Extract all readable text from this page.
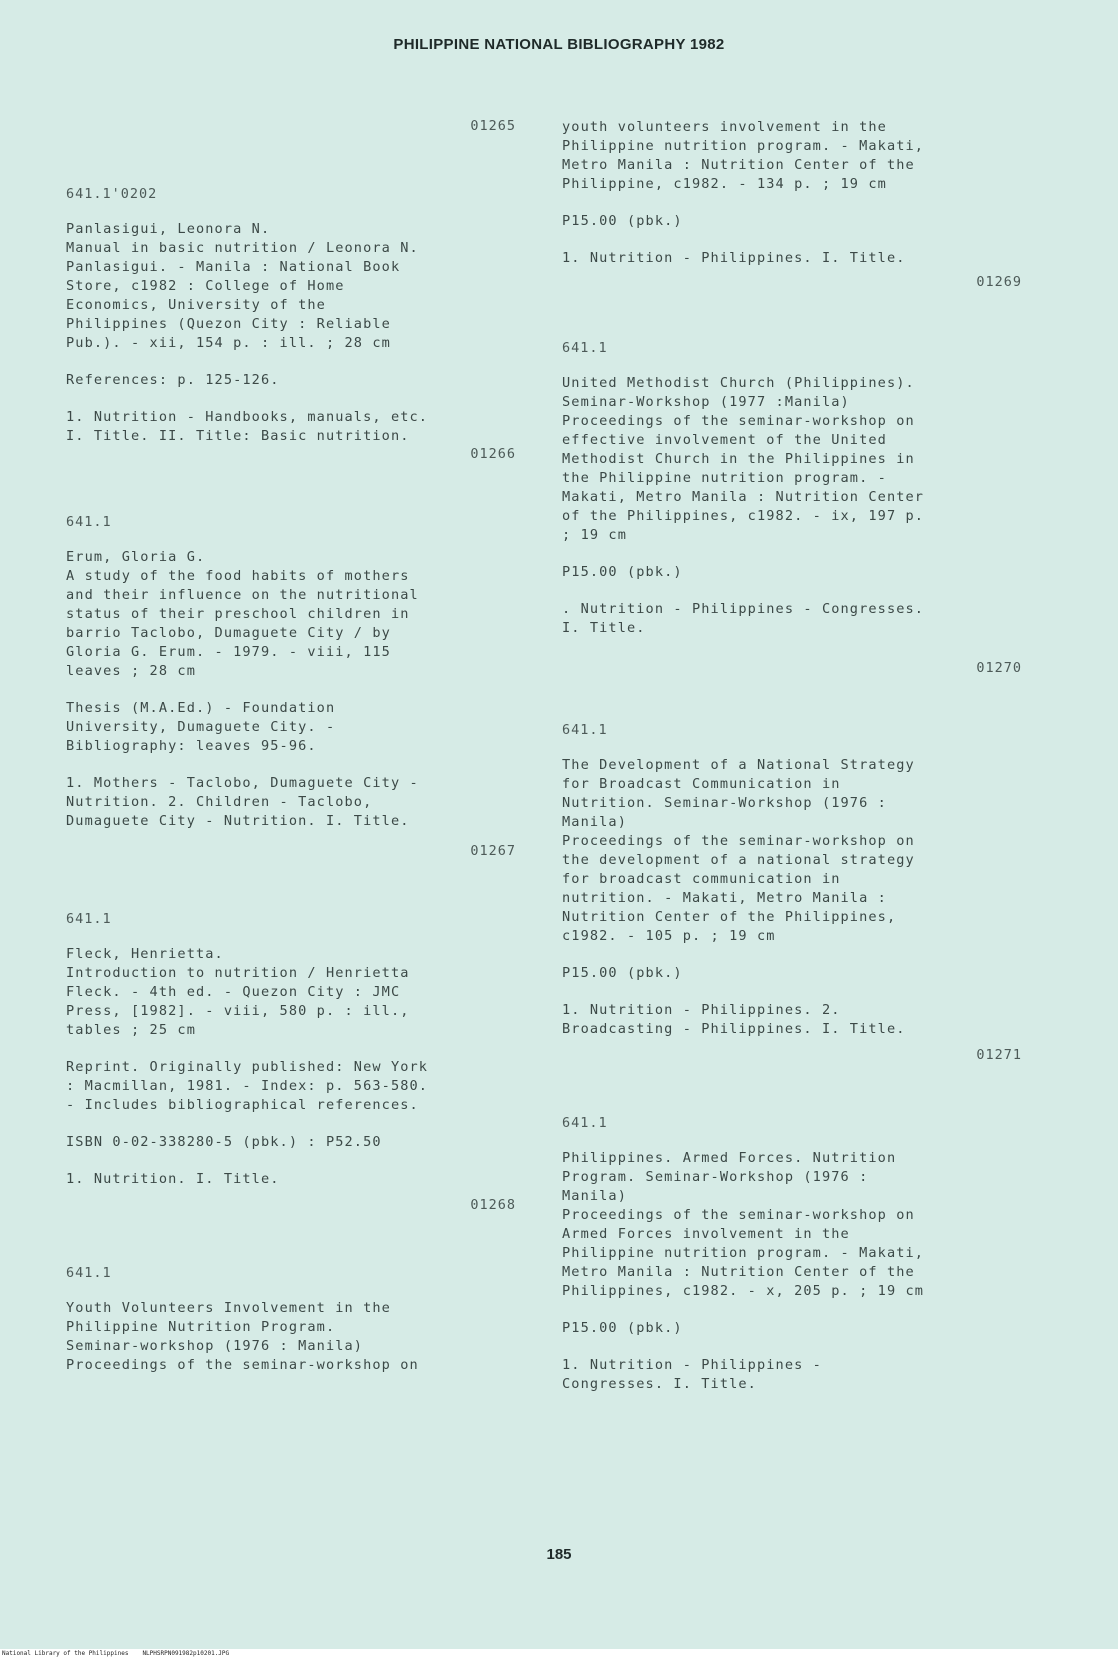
PHILIPPINE NATIONAL BIBLIOGRAPHY 1982
01265
641.1'0202

Panlasigui, Leonora N.

Manual in basic nutrition / Leonora N.

Panlasigui. - Manila : National Book

Store, c1982 : College of Home

Economics, University of the

Philippines (Quezon City : Reliable

Pub.). - xii, 154 p. : ill. ; 28 cm

References: p. 125-126.

1. Nutrition - Handbooks, manuals, etc.

I. Title. II. Title: Basic nutrition.

01266
641.1

Erum, Gloria G.

A study of the food habits of mothers

and their influence on the nutritional

status of their preschool children in

barrio Taclobo, Dumaguete City / by

Gloria G. Erum. - 1979. - viii, 115

leaves ; 28 cm

Thesis (M.A.Ed.) - Foundation

University, Dumaguete City. -

Bibliography: leaves 95-96.

1. Mothers - Taclobo, Dumaguete City -

Nutrition. 2. Children - Taclobo,

Dumaguete City - Nutrition. I. Title.

01267
641.1

Fleck, Henrietta.

Introduction to nutrition / Henrietta

Fleck. - 4th ed. - Quezon City : JMC

Press, [1982]. - viii, 580 p. : ill.,

tables ; 25 cm

Reprint. Originally published: New York

: Macmillan, 1981. - Index: p. 563-580.

- Includes bibliographical references.

ISBN 0-02-338280-5 (pbk.) : P52.50

1. Nutrition. I. Title.

01268
641.1

Youth Volunteers Involvement in the

Philippine Nutrition Program.

Seminar-workshop (1976 : Manila)

Proceedings of the seminar-workshop on

youth volunteers involvement in the

Philippine nutrition program. - Makati,

Metro Manila : Nutrition Center of the

Philippine, c1982. - 134 p. ; 19 cm

P15.00 (pbk.)

1. Nutrition - Philippines. I. Title.

01269
641.1

United Methodist Church (Philippines).

Seminar-Workshop (1977 :Manila)

Proceedings of the seminar-workshop on

effective involvement of the United

Methodist Church in the Philippines in

the Philippine nutrition program. -

Makati, Metro Manila : Nutrition Center

of the Philippines, c1982. - ix, 197 p.

; 19 cm

P15.00 (pbk.)

. Nutrition - Philippines - Congresses.

I. Title.

01270
641.1

The Development of a National Strategy

for Broadcast Communication in

Nutrition. Seminar-Workshop (1976 :

Manila)

Proceedings of the seminar-workshop on

the development of a national strategy

for broadcast communication in

nutrition. - Makati, Metro Manila :

Nutrition Center of the Philippines,

c1982. - 105 p. ; 19 cm

P15.00 (pbk.)

1. Nutrition - Philippines. 2.

Broadcasting - Philippines. I. Title.

01271
641.1

Philippines. Armed Forces. Nutrition

Program. Seminar-Workshop (1976 :

Manila)

Proceedings of the seminar-workshop on

Armed Forces involvement in the

Philippine nutrition program. - Makati,

Metro Manila : Nutrition Center of the

Philippines, c1982. - x, 205 p. ; 19 cm

P15.00 (pbk.)

1. Nutrition - Philippines -

Congresses. I. Title.

185
National Library of the Philippines NLPHSRPN091982p10201.JPG
